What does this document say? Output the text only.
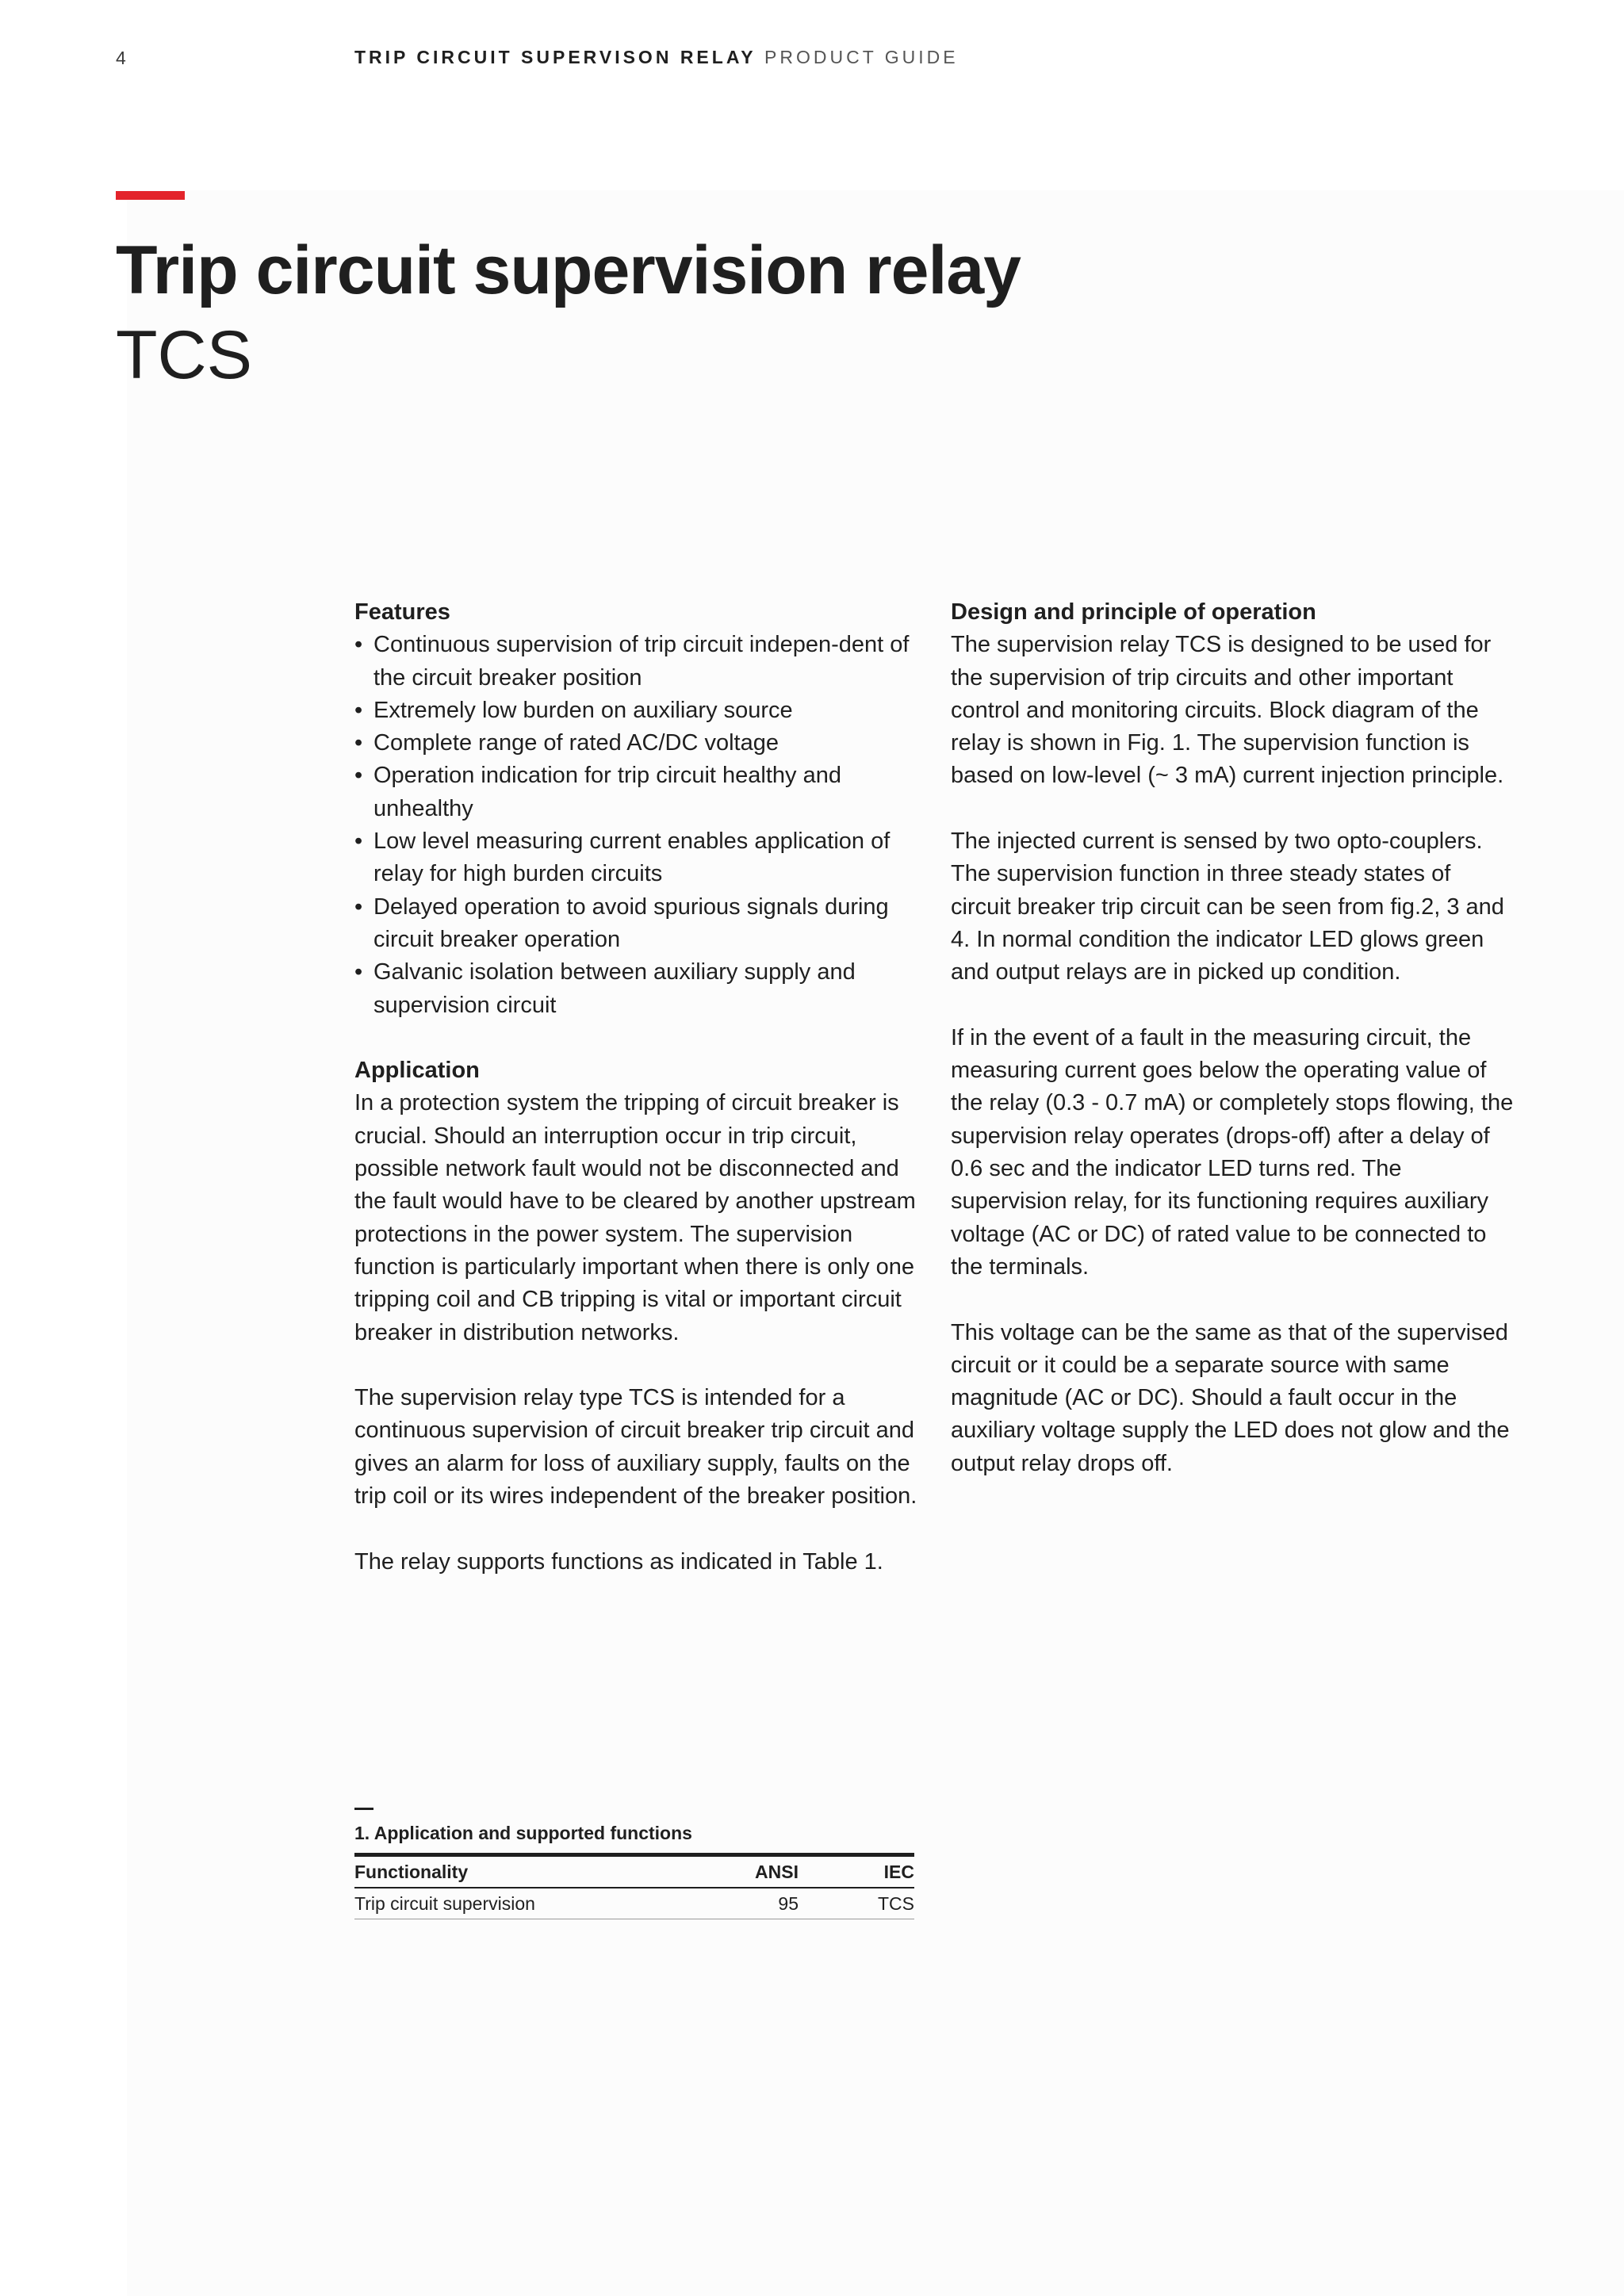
4	TRIP CIRCUIT SUPERVISON RELAY PRODUCT GUIDE
Trip circuit supervision relay
TCS

Features

• Continuous supervision of trip circuit indepen-dent of the circuit breaker position
• Extremely low burden on auxiliary source
• Complete range of rated AC/DC voltage
• Operation indication for trip circuit healthy and unhealthy
• Low level measuring current enables application of relay for high burden circuits
• Delayed operation to avoid spurious signals during circuit breaker operation
• Galvanic isolation between auxiliary supply and supervision circuit

Application

In a protection system the tripping of circuit breaker is crucial. Should an interruption occur in trip circuit, possible network fault would not be disconnected and the fault would have to be cleared by another upstream protections in the power system. The supervision function is particularly important when there is only one tripping coil and CB tripping is vital or important circuit breaker in distribution networks.

The supervision relay type TCS is intended for a continuous supervision of circuit breaker trip circuit and gives an alarm for loss of auxiliary supply, faults on the trip coil or its wires independent of the breaker position.

The relay supports functions as indicated in Table 1.

Design and principle of operation

The supervision relay TCS is designed to be used for the supervision of trip circuits and other important control and monitoring circuits. Block diagram of the relay is shown in Fig. 1. The supervision function is based on low-level (~ 3 mA) current injection principle.

The injected current is sensed by two opto-couplers. The supervision function in three steady states of circuit breaker trip circuit can be seen from fig.2, 3 and 4. In normal condition the indicator LED glows green and output relays are in picked up condition.

If in the event of a fault in the measuring circuit, the measuring current goes below the operating value of the relay (0.3 - 0.7 mA) or completely stops flowing, the supervision relay operates (drops-off) after a delay of 0.6 sec and the indicator LED turns red. The supervision relay, for its functioning requires auxiliary voltage (AC or DC) of rated value to be connected to the terminals.

This voltage can be the same as that of the supervised circuit or it could be a separate source with same magnitude (AC or DC). Should a fault occur in the auxiliary voltage supply the LED does not glow and the output relay drops off.

1. Application and supported functions
Functionality	ANSI	IEC
Trip circuit supervision	95	TCS
